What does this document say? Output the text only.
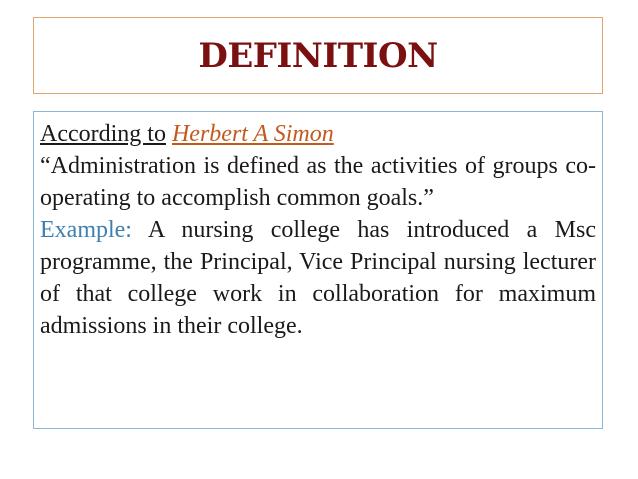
DEFINITION

According to Herbert A Simon

“Administration is defined as the activities of groups co-operating to accomplish common goals.”

Example: A nursing college has introduced a Msc programme, the Principal, Vice Principal nursing lecturer of that college work in collaboration for maximum admissions in their college.
